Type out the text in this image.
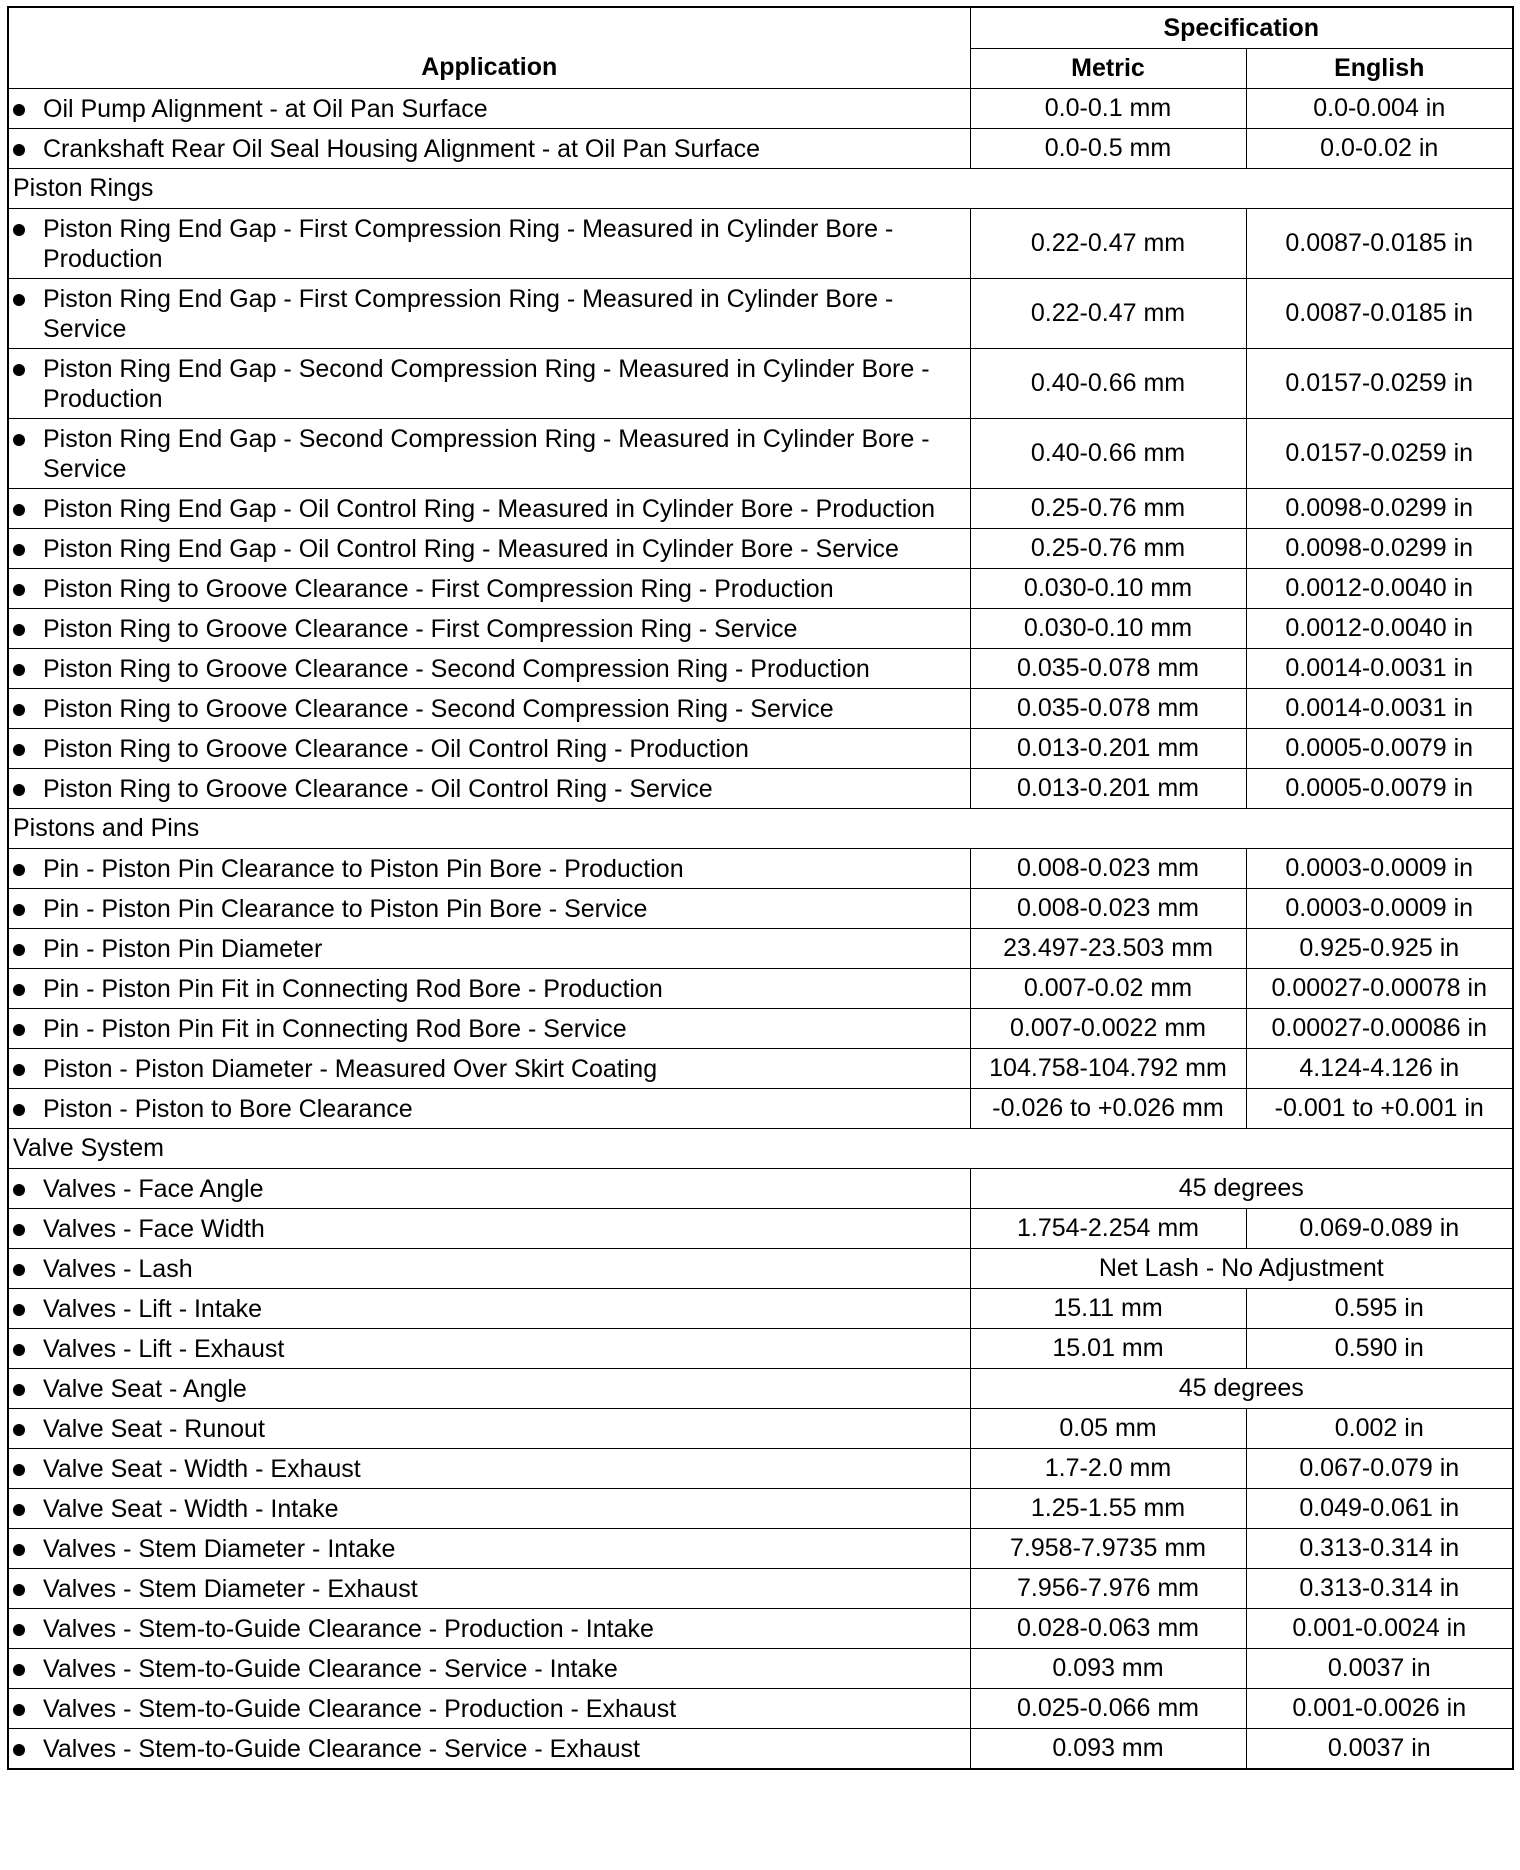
Application	Specification	
	Metric	English

Oil Pump Alignment - at Oil Pan Surface	0.0-0.1 mm	0.0-0.004 in

Crankshaft Rear Oil Seal Housing Alignment - at Oil Pan Surface	0.0-0.5 mm	0.0-0.02 in
Piston Rings		

Piston Ring End Gap - First Compression Ring - Measured in Cylinder Bore - Production	0.22-0.47 mm	0.0087-0.0185 in

Piston Ring End Gap - First Compression Ring - Measured in Cylinder Bore - Service	0.22-0.47 mm	0.0087-0.0185 in

Piston Ring End Gap - Second Compression Ring - Measured in Cylinder Bore - Production	0.40-0.66 mm	0.0157-0.0259 in

Piston Ring End Gap - Second Compression Ring - Measured in Cylinder Bore - Service	0.40-0.66 mm	0.0157-0.0259 in

Piston Ring End Gap - Oil Control Ring - Measured in Cylinder Bore - Production	0.25-0.76 mm	0.0098-0.0299 in

Piston Ring End Gap - Oil Control Ring - Measured in Cylinder Bore - Service	0.25-0.76 mm	0.0098-0.0299 in

Piston Ring to Groove Clearance - First Compression Ring - Production	0.030-0.10 mm	0.0012-0.0040 in

Piston Ring to Groove Clearance - First Compression Ring - Service	0.030-0.10 mm	0.0012-0.0040 in

Piston Ring to Groove Clearance - Second Compression Ring - Production	0.035-0.078 mm	0.0014-0.0031 in

Piston Ring to Groove Clearance - Second Compression Ring - Service	0.035-0.078 mm	0.0014-0.0031 in

Piston Ring to Groove Clearance - Oil Control Ring - Production	0.013-0.201 mm	0.0005-0.0079 in

Piston Ring to Groove Clearance - Oil Control Ring - Service	0.013-0.201 mm	0.0005-0.0079 in
Pistons and Pins		

Pin - Piston Pin Clearance to Piston Pin Bore - Production	0.008-0.023 mm	0.0003-0.0009 in

Pin - Piston Pin Clearance to Piston Pin Bore - Service	0.008-0.023 mm	0.0003-0.0009 in

Pin - Piston Pin Diameter	23.497-23.503 mm	0.925-0.925 in

Pin - Piston Pin Fit in Connecting Rod Bore - Production	0.007-0.02 mm	0.00027-0.00078 in

Pin - Piston Pin Fit in Connecting Rod Bore - Service	0.007-0.0022 mm	0.00027-0.00086 in

Piston - Piston Diameter - Measured Over Skirt Coating	104.758-104.792 mm	4.124-4.126 in

Piston - Piston to Bore Clearance	-0.026 to +0.026 mm	-0.001 to +0.001 in
Valve System		

Valves - Face Angle	45 degrees	

Valves - Face Width	1.754-2.254 mm	0.069-0.089 in

Valves - Lash	Net Lash - No Adjustment	

Valves - Lift - Intake	15.11 mm	0.595 in

Valves - Lift - Exhaust	15.01 mm	0.590 in

Valve Seat - Angle	45 degrees	

Valve Seat - Runout	0.05 mm	0.002 in

Valve Seat - Width - Exhaust	1.7-2.0 mm	0.067-0.079 in

Valve Seat - Width - Intake	1.25-1.55 mm	0.049-0.061 in

Valves - Stem Diameter - Intake	7.958-7.9735 mm	0.313-0.314 in

Valves - Stem Diameter - Exhaust	7.956-7.976 mm	0.313-0.314 in

Valves - Stem-to-Guide Clearance - Production - Intake	0.028-0.063 mm	0.001-0.0024 in

Valves - Stem-to-Guide Clearance - Service - Intake	0.093 mm	0.0037 in

Valves - Stem-to-Guide Clearance - Production - Exhaust	0.025-0.066 mm	0.001-0.0026 in

Valves - Stem-to-Guide Clearance - Service - Exhaust	0.093 mm	0.0037 in
